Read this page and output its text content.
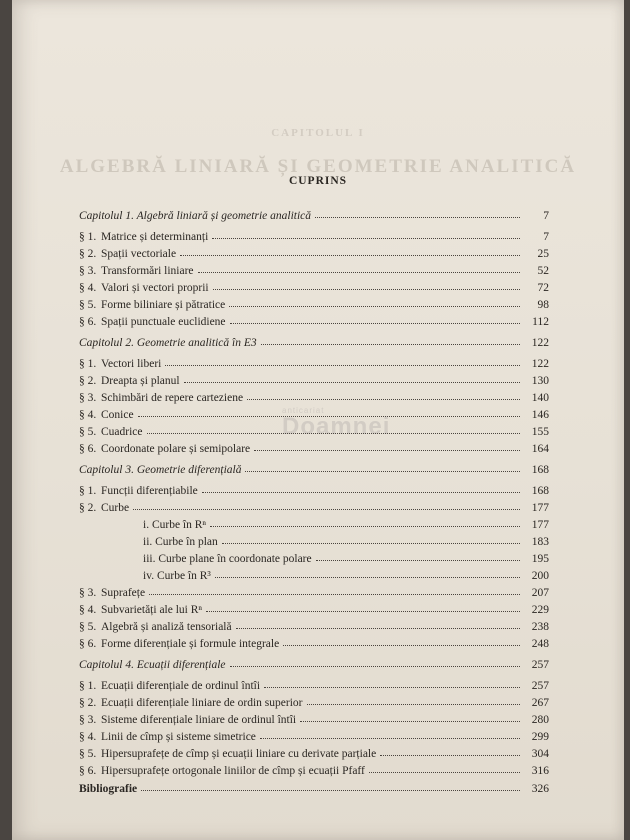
CAPITOLUL I
ALGEBRĂ LINIARĂ ȘI GEOMETRIE ANALITICĂ
anticariat
Doamnei
CUPRINS
Capitolul 1. Algebră liniară și geometrie analitică	7
§ 1. Matrice și determinanți	7
§ 2. Spații vectoriale	25
§ 3. Transformări liniare	52
§ 4. Valori și vectori proprii	72
§ 5. Forme biliniare și pătratice	98
§ 6. Spații punctuale euclidiene	112
Capitolul 2. Geometrie analitică în E3	122
§ 1. Vectori liberi	122
§ 2. Dreapta și planul	130
§ 3. Schimbări de repere carteziene	140
§ 4. Conice	146
§ 5. Cuadrice	155
§ 6. Coordonate polare și semipolare	164
Capitolul 3. Geometrie diferențială	168
§ 1. Funcții diferențiabile	168
§ 2. Curbe	177
i. Curbe în Rⁿ	177
ii. Curbe în plan	183
iii. Curbe plane în coordonate polare	195
iv. Curbe în R³	200
§ 3. Suprafețe	207
§ 4. Subvarietăți ale lui Rⁿ	229
§ 5. Algebră și analiză tensorială	238
§ 6. Forme diferențiale și formule integrale	248
Capitolul 4. Ecuații diferențiale	257
§ 1. Ecuații diferențiale de ordinul întîi	257
§ 2. Ecuații diferențiale liniare de ordin superior	267
§ 3. Sisteme diferențiale liniare de ordinul întîi	280
§ 4. Linii de cîmp și sisteme simetrice	299
§ 5. Hipersuprafețe de cîmp și ecuații liniare cu derivate parțiale	304
§ 6. Hipersuprafețe ortogonale liniilor de cîmp și ecuații Pfaff	316
Bibliografie	326
